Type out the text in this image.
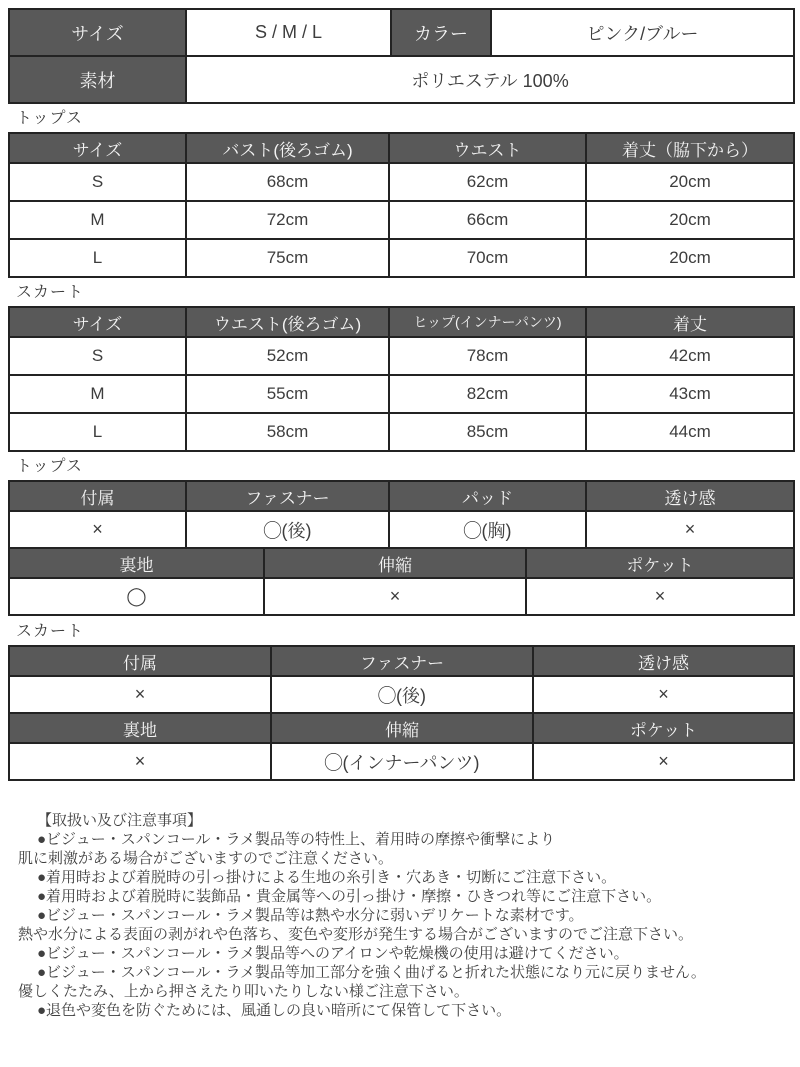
サイズ	S / M / L	カラー	ピンク/ブルー
素材	ポリエステル 100%		
トップス
サイズ	バスト(後ろゴム)	ウエスト	着丈（脇下から）
S	68cm	62cm	20cm
M	72cm	66cm	20cm
L	75cm	70cm	20cm
スカート
サイズ	ウエスト(後ろゴム)	ヒップ(インナーパンツ)	着丈
S	52cm	78cm	42cm
M	55cm	82cm	43cm
L	58cm	85cm	44cm
トップス
付属	ファスナー	パッド	透け感
×	◯(後)	◯(胸)	×
裏地	伸縮	ポケット
◯	×	×
スカート
付属	ファスナー	透け感
×	◯(後)	×
裏地	伸縮	ポケット
×	◯(インナーパンツ)	×
【取扱い及び注意事項】
●ビジュー・スパンコール・ラメ製品等の特性上、着用時の摩擦や衝撃により
肌に刺激がある場合がございますのでご注意ください。
●着用時および着脱時の引っ掛けによる生地の糸引き・穴あき・切断にご注意下さい。
●着用時および着脱時に装飾品・貴金属等への引っ掛け・摩擦・ひきつれ等にご注意下さい。
●ビジュー・スパンコール・ラメ製品等は熱や水分に弱いデリケートな素材です。
熱や水分による表面の剥がれや色落ち、変色や変形が発生する場合がございますのでご注意下さい。
●ビジュー・スパンコール・ラメ製品等へのアイロンや乾燥機の使用は避けてください。
●ビジュー・スパンコール・ラメ製品等加工部分を強く曲げると折れた状態になり元に戻りません。
優しくたたみ、上から押さえたり叩いたりしない様ご注意下さい。
●退色や変色を防ぐためには、風通しの良い暗所にて保管して下さい。
